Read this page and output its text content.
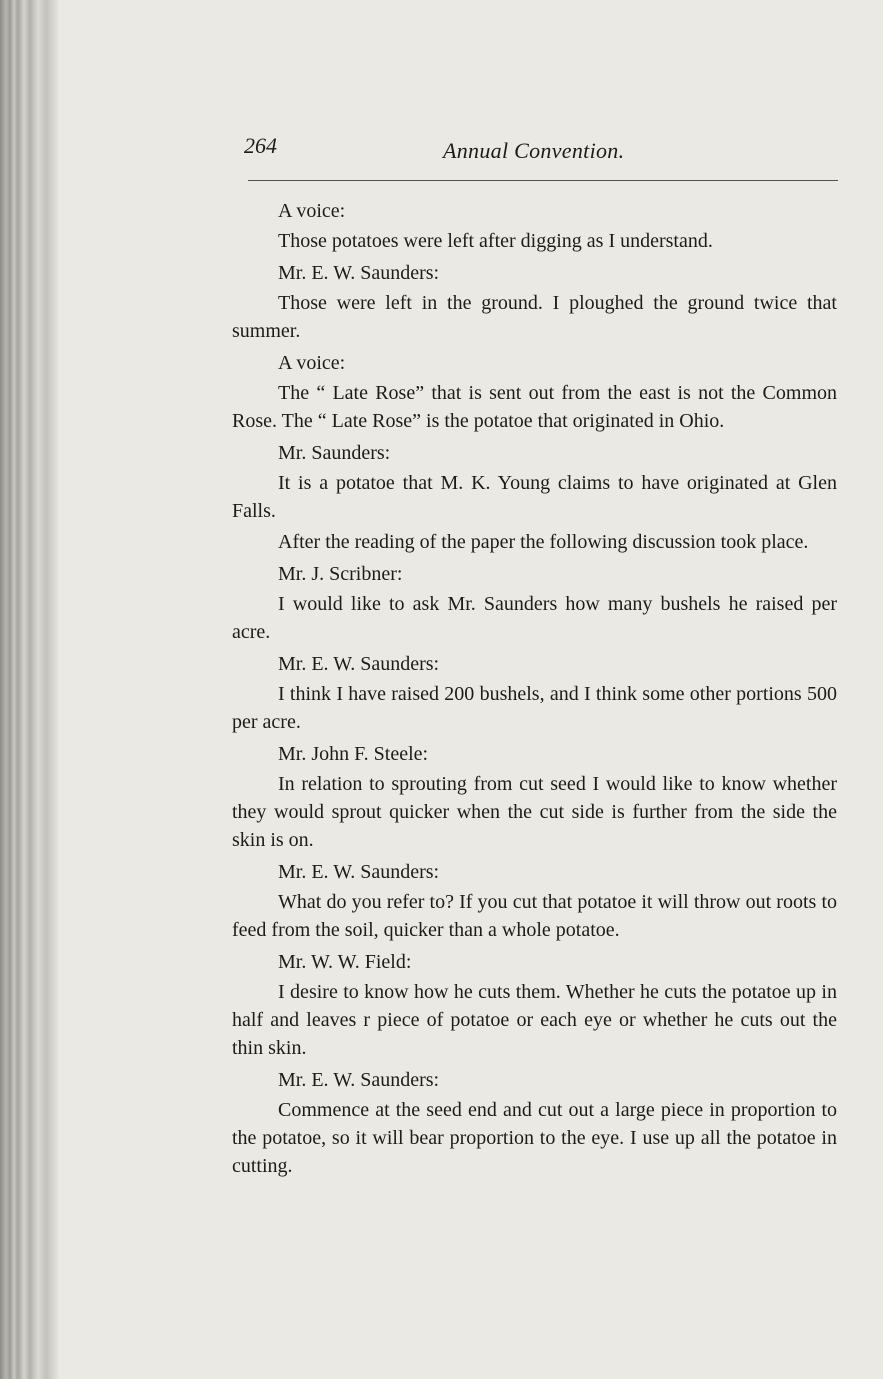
264	Annual Convention.

A voice:

Those potatoes were left after digging as I understand.

Mr. E. W. Saunders:

Those were left in the ground. I ploughed the ground twice that summer.

A voice:

The “ Late Rose” that is sent out from the east is not the Common Rose. The “ Late Rose” is the potatoe that originated in Ohio.

Mr. Saunders:

It is a potatoe that M. K. Young claims to have originated at Glen Falls.

After the reading of the paper the following discussion took place.

Mr. J. Scribner:

I would like to ask Mr. Saunders how many bushels he raised per acre.

Mr. E. W. Saunders:

I think I have raised 200 bushels, and I think some other portions 500 per acre.

Mr. John F. Steele:

In relation to sprouting from cut seed I would like to know whether they would sprout quicker when the cut side is further from the side the skin is on.

Mr. E. W. Saunders:

What do you refer to? If you cut that potatoe it will throw out roots to feed from the soil, quicker than a whole potatoe.

Mr. W. W. Field:

I desire to know how he cuts them. Whether he cuts the potatoe up in half and leaves r piece of potatoe or each eye or whether he cuts out the thin skin.

Mr. E. W. Saunders:

Commence at the seed end and cut out a large piece in proportion to the potatoe, so it will bear proportion to the eye. I use up all the potatoe in cutting.
